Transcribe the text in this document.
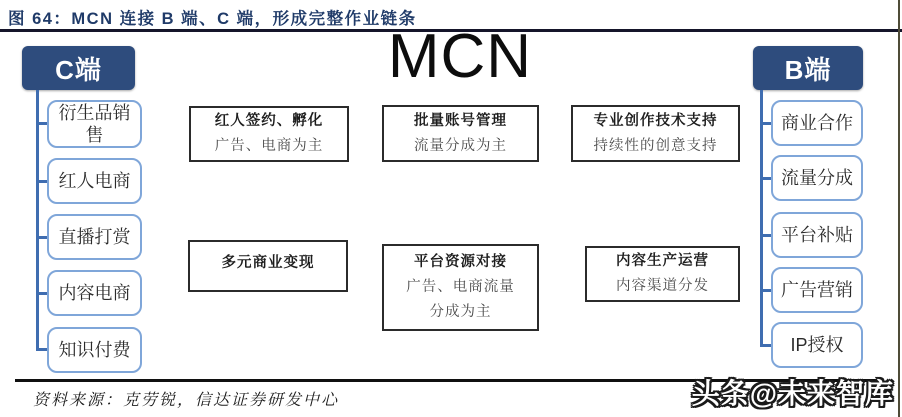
图 64：MCN 连接 B 端、C 端，形成完整作业链条
MCN
C端
衍生品销售
红人电商
直播打赏
内容电商
知识付费
B端
商业合作
流量分成
平台补贴
广告营销
IP授权
红人签约、孵化
广告、电商为主
批量账号管理
流量分成为主
专业创作技术支持
持续性的创意支持
多元商业变现	平台资源对接
广告、电商流量
分成为主
内容生产运营
内容渠道分发
资料来源：克劳锐，信达证券研发中心	头条@未来智库
